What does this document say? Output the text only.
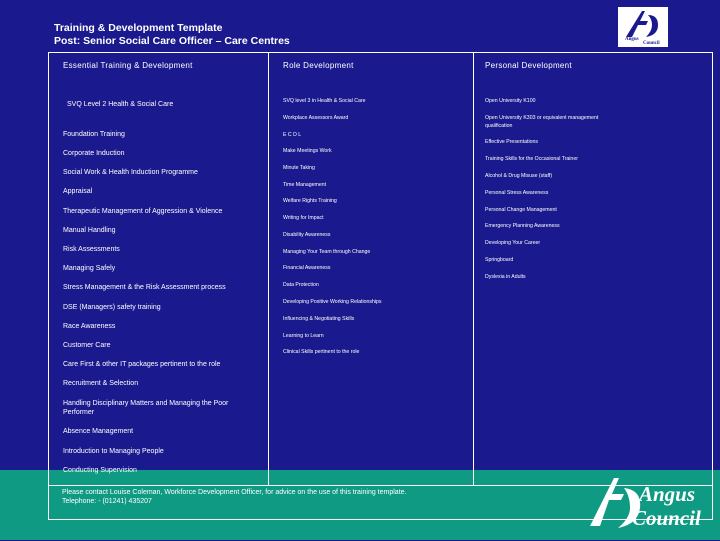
Training & Development Template
Post: Senior Social Care Officer – Care Centres	Angus
Council
Essential Training & Development	Role Development	Personal Development
SVQ Level 2 Health & Social Care
Foundation Training
Corporate Induction
Social Work & Health Induction Programme
Appraisal
Therapeutic Management of Aggression & Violence
Manual Handling
Risk Assessments
Managing Safely
Stress Management & the Risk Assessment process
DSE (Managers) safety training
Race Awareness
Customer Care
Care First & other IT packages pertinent to the role
Recruitment & Selection
Handling Disciplinary Matters and Managing the Poor
Performer
Absence Management
Introduction to Managing People
Conducting Supervision
SVQ level 3 in Health & Social Care
Workplace Assessors Award
E C D L
Make Meetings Work
Minute Taking
Time Management
Welfare Rights Training
Writing for Impact
Disability Awareness
Managing Your Team through Change
Financial Awareness
Data Protection
Developing Positive Working Relationships
Influencing & Negotiating Skills
Learning to Learn
Clinical Skills pertinent to the role
Open University K100
Open University K303 or equivalent management
qualification
Effective Presentations
Training Skills for the Occasional Trainer
Alcohol & Drug Misuse (staff)
Personal Stress Awareness
Personal Change Management
Emergency Planning Awareness
Developing Your Career
Springboard
Dyslexia in Adults
Please contact Louise Coleman, Workforce Development Officer, for advice on the use of this training template.
Telephone: - (01241) 435207	Angus
Council
